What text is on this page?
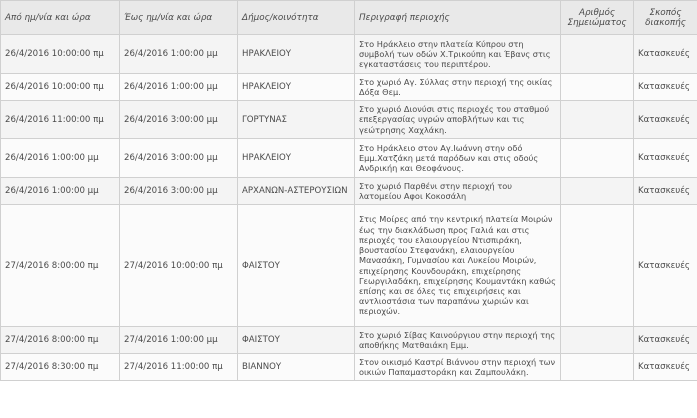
Από ημ/νία και ώρα	Έως ημ/νία και ώρα	Δήμος/κοινότητα	Περιγραφή περιοχής	Αριθμός Σημειώματος	Σκοπός διακοπής
26/4/2016 10:00:00 πμ	26/4/2016 1:00:00 μμ	ΗΡΑΚΛΕΙΟΥ	Στο Ηράκλειο στην πλατεία Κύπρου στη συμβολή των οδών Χ.Τρικούπη και Έβανς στις εγκαταστάσεις του περιπτέρου.		Κατασκευές
26/4/2016 10:00:00 πμ	26/4/2016 1:00:00 μμ	ΗΡΑΚΛΕΙΟΥ	Στο χωριό Αγ. Σύλλας στην περιοχή της οικίας Δόξα Θεμ.		Κατασκευές
26/4/2016 11:00:00 πμ	26/4/2016 3:00:00 μμ	ΓΟΡΤΥΝΑΣ	Στο χωριό Διονύσι στις περιοχές του σταθμού επεξεργασίας υγρών αποβλήτων και τις γεώτρησης Χαχλάκη.		Κατασκευές
26/4/2016 1:00:00 μμ	26/4/2016 3:00:00 μμ	ΗΡΑΚΛΕΙΟΥ	Στο Ηράκλειο στον Αγ.Ιωάννη στην οδό Εμμ.Χατζάκη μετά παρόδων και στις οδούς Ανδρικήη και Θεοφάνους.		Κατασκευές
26/4/2016 1:00:00 μμ	26/4/2016 3:00:00 μμ	ΑΡΧΑΝΩΝ-ΑΣΤΕΡΟΥΣΙΩΝ	Στο χωριό Παρθένι στην περιοχή του λατομείου Αφοι Κοκοσάλη		Κατασκευές
27/4/2016 8:00:00 πμ	27/4/2016 10:00:00 πμ	ΦΑΙΣΤΟΥ	Στις Μοίρες από την κεντρική πλατεία Μοιρών έως την διακλάδωση προς Γαλιά και στις περιοχές του ελαιουργείου Ντισπιράκη, βουστασίου Στεφανάκη, ελαιουργείου Μανασάκη, Γυμνασίου και Λυκείου Μοιρών, επιχείρησης Κουνδουράκη, επιχείρησης Γεωργιλαδάκη, επιχείρησης Κουμαντάκη καθώς επίσης και σε όλες τις επιχειρήσεις και αντλιοστάσια των παραπάνω χωριών και περιοχών.		Κατασκευές
27/4/2016 8:00:00 πμ	27/4/2016 1:00:00 μμ	ΦΑΙΣΤΟΥ	Στο χωριό Σίβας Καινούργιου στην περιοχή της αποθήκης Ματθαιάκη Εμμ.		Κατασκευές
27/4/2016 8:30:00 πμ	27/4/2016 11:00:00 πμ	ΒΙΑΝΝΟΥ	Στον οικισμό Καστρί Βιάννου στην περιοχή των οικιών Παπαμαστοράκη και Ζαμπουλάκη.		Κατασκευές
